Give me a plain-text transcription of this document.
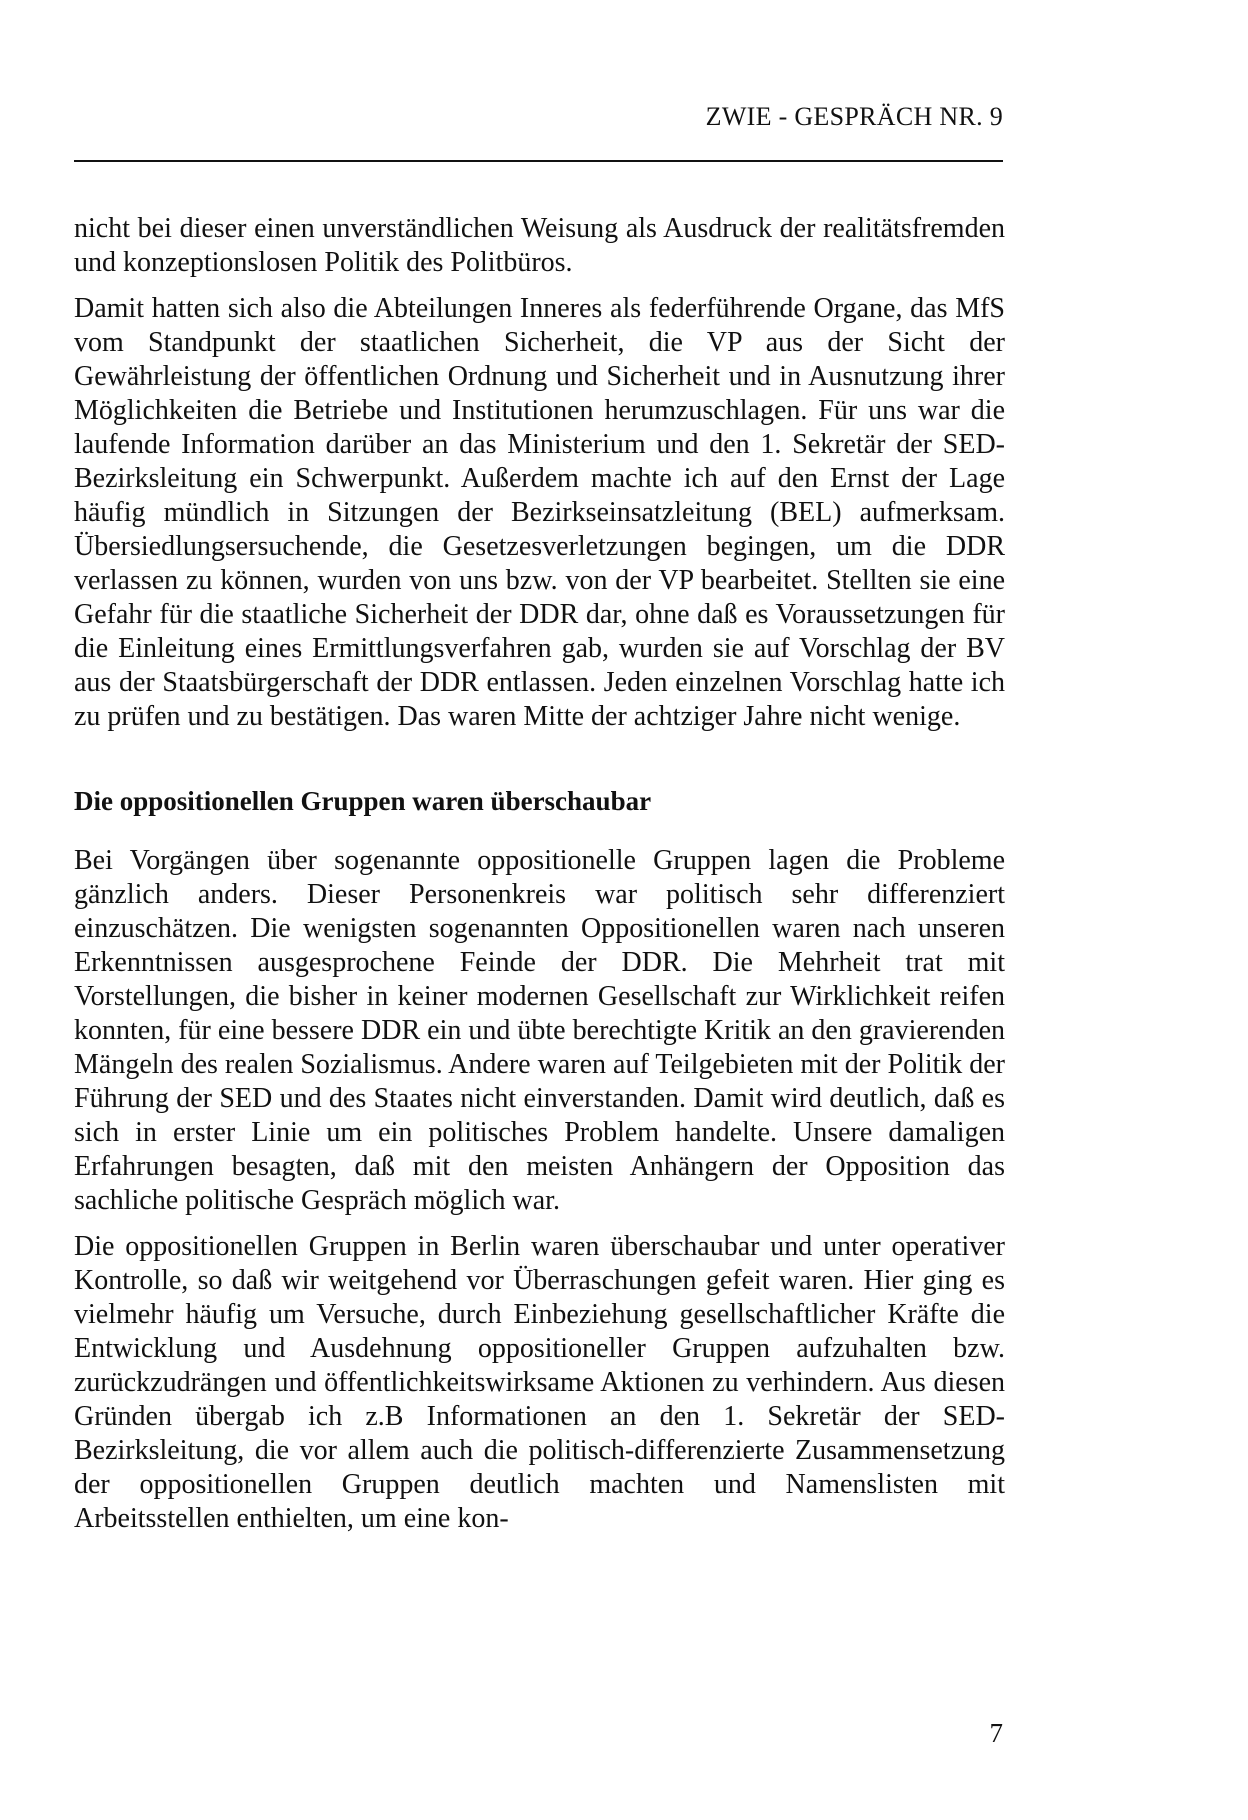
ZWIE - GESPRÄCH NR. 9

nicht bei dieser einen unverständlichen Weisung als Ausdruck der realitätsfremden und konzeptionslosen Politik des Politbüros.

Damit hatten sich also die Abteilungen Inneres als federführende Organe, das MfS vom Standpunkt der staatlichen Sicherheit, die VP aus der Sicht der Gewährleistung der öffentlichen Ordnung und Sicherheit und in Ausnutzung ihrer Möglichkeiten die Betriebe und Institutionen herumzuschlagen. Für uns war die laufende Information darüber an das Ministerium und den 1. Sekretär der SED-Bezirksleitung ein Schwerpunkt. Außerdem machte ich auf den Ernst der Lage häufig mündlich in Sitzungen der Bezirkseinsatzleitung (BEL) aufmerksam. Übersiedlungsersuchende, die Gesetzesverletzungen begingen, um die DDR verlassen zu können, wurden von uns bzw. von der VP bearbeitet. Stellten sie eine Gefahr für die staatliche Sicherheit der DDR dar, ohne daß es Voraussetzungen für die Einleitung eines Ermittlungsverfahren gab, wurden sie auf Vorschlag der BV aus der Staatsbürgerschaft der DDR entlassen. Jeden einzelnen Vorschlag hatte ich zu prüfen und zu bestätigen. Das waren Mitte der achtziger Jahre nicht wenige.

Die oppositionellen Gruppen waren überschaubar

Bei Vorgängen über sogenannte oppositionelle Gruppen lagen die Probleme gänzlich anders. Dieser Personenkreis war politisch sehr differenziert einzuschätzen. Die wenigsten sogenannten Oppositionellen waren nach unseren Erkenntnissen ausgesprochene Feinde der DDR. Die Mehrheit trat mit Vorstellungen, die bisher in keiner modernen Gesellschaft zur Wirklichkeit reifen konnten, für eine bessere DDR ein und übte berechtigte Kritik an den gravierenden Mängeln des realen Sozialismus. Andere waren auf Teilgebieten mit der Politik der Führung der SED und des Staates nicht einverstanden. Damit wird deutlich, daß es sich in erster Linie um ein politisches Problem handelte. Unsere damaligen Erfahrungen besagten, daß mit den meisten Anhängern der Opposition das sachliche politische Gespräch möglich war.

Die oppositionellen Gruppen in Berlin waren überschaubar und unter operativer Kontrolle, so daß wir weitgehend vor Überraschungen gefeit waren. Hier ging es vielmehr häufig um Versuche, durch Einbeziehung gesellschaftlicher Kräfte die Entwicklung und Ausdehnung oppositioneller Gruppen aufzuhalten bzw. zurückzudrängen und öffentlichkeitswirksame Aktionen zu verhindern. Aus diesen Gründen übergab ich z.B Informationen an den 1. Sekretär der SED-Bezirksleitung, die vor allem auch die politisch-differenzierte Zusammensetzung der oppositionellen Gruppen deutlich machten und Namenslisten mit Arbeitsstellen enthielten, um eine kon-

7
